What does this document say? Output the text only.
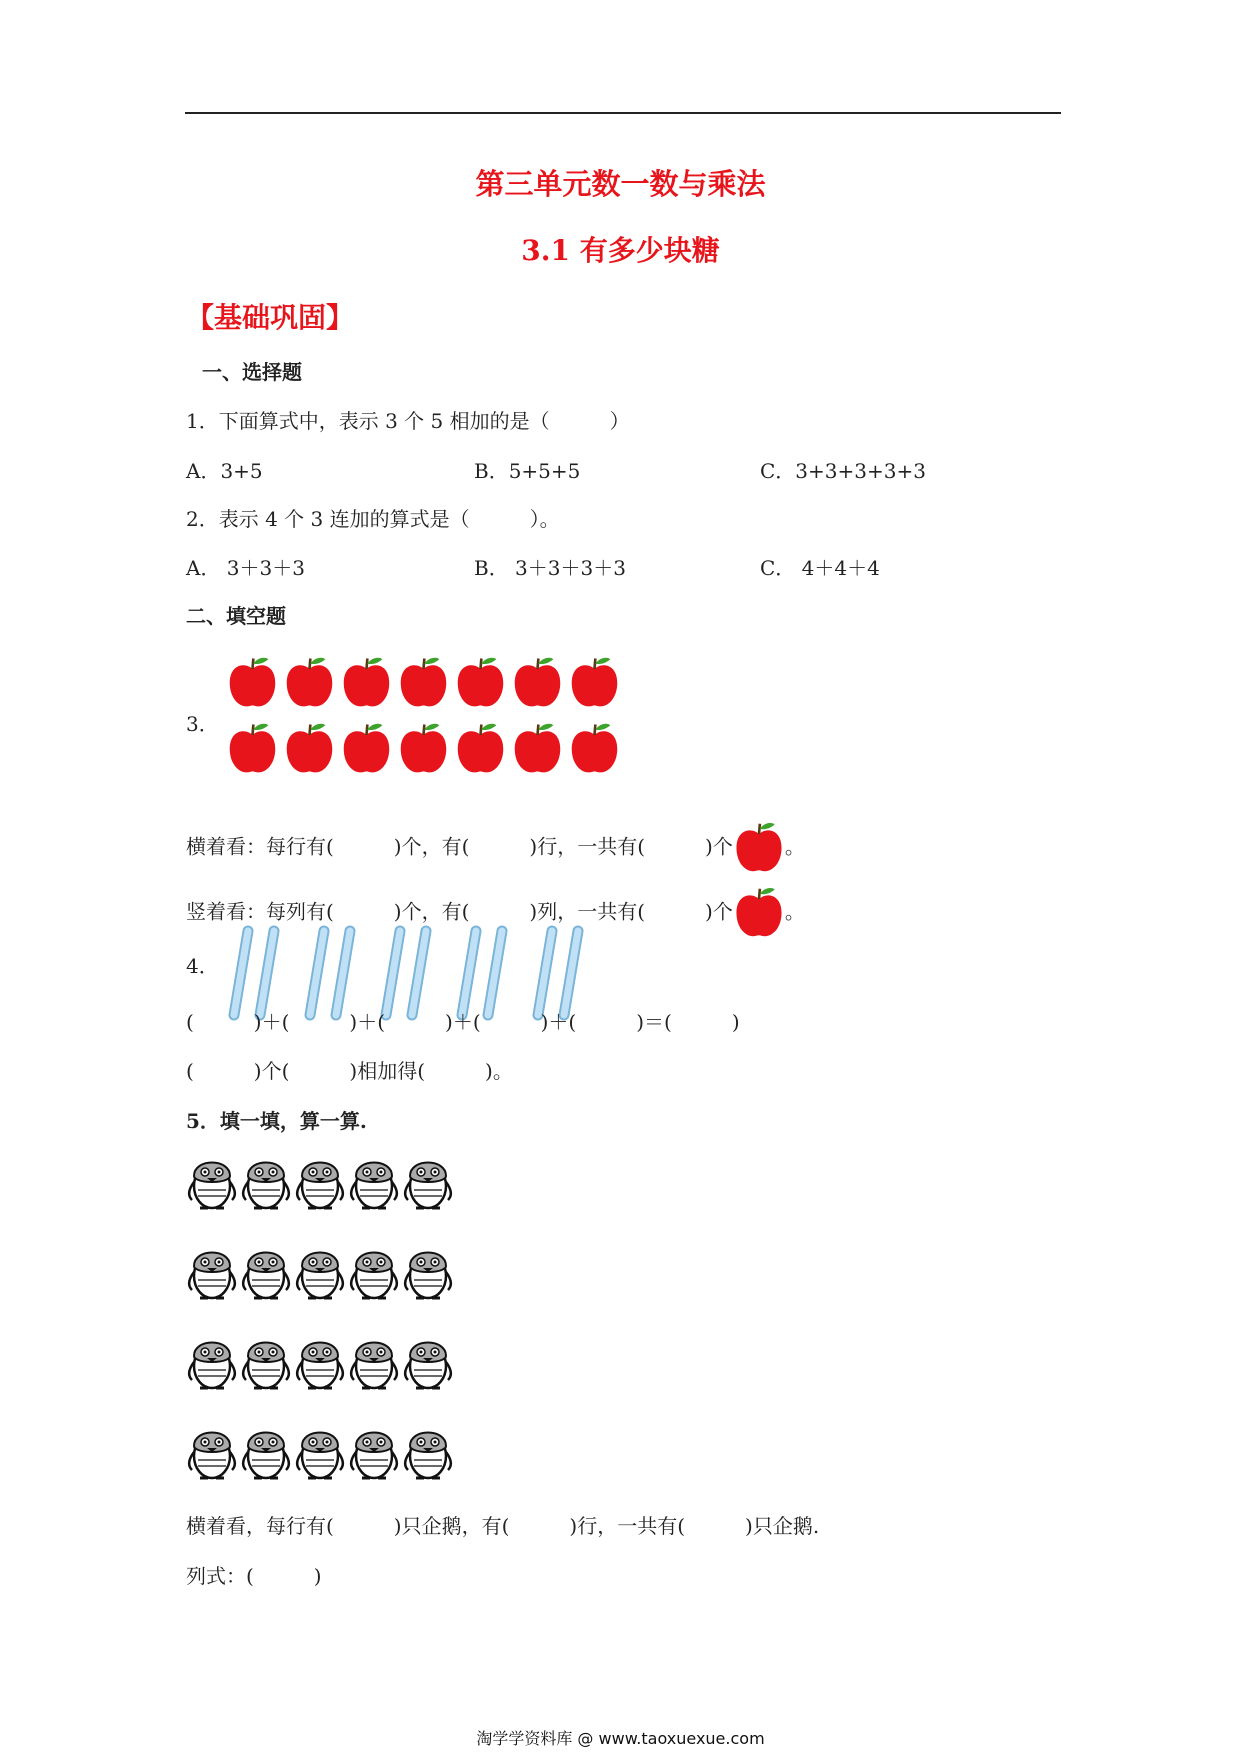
第三单元数一数与乘法
3.1 有多少块糖
【基础巩固】
一、选择题
1．下面算式中，表示 3 个 5 相加的是（　　　）
A．3+5	B．5+5+5	C．3+3+3+3+3
2．表示 4 个 3 连加的算式是（　　　）。
A． 3＋3＋3	B． 3＋3＋3＋3	C． 4＋4＋4
二、填空题
3．
横着看：每行有(　　　)个，有(　　　)行，一共有(　　　)个	。
竖着看：每列有(　　　)个，有(　　　)列，一共有(　　　)个	。
4．
(　　　)＋(　　　)＋(　　　)＋(　　　)＋(　　　)＝(　　　)
(　　　)个(　　　)相加得(　　　)。
5．填一填，算一算.
横着看，每行有(　　　)只企鹅，有(　　　)行，一共有(　　　)只企鹅.
列式：(　　　)
淘学学资料库 @ www.taoxuexue.com
